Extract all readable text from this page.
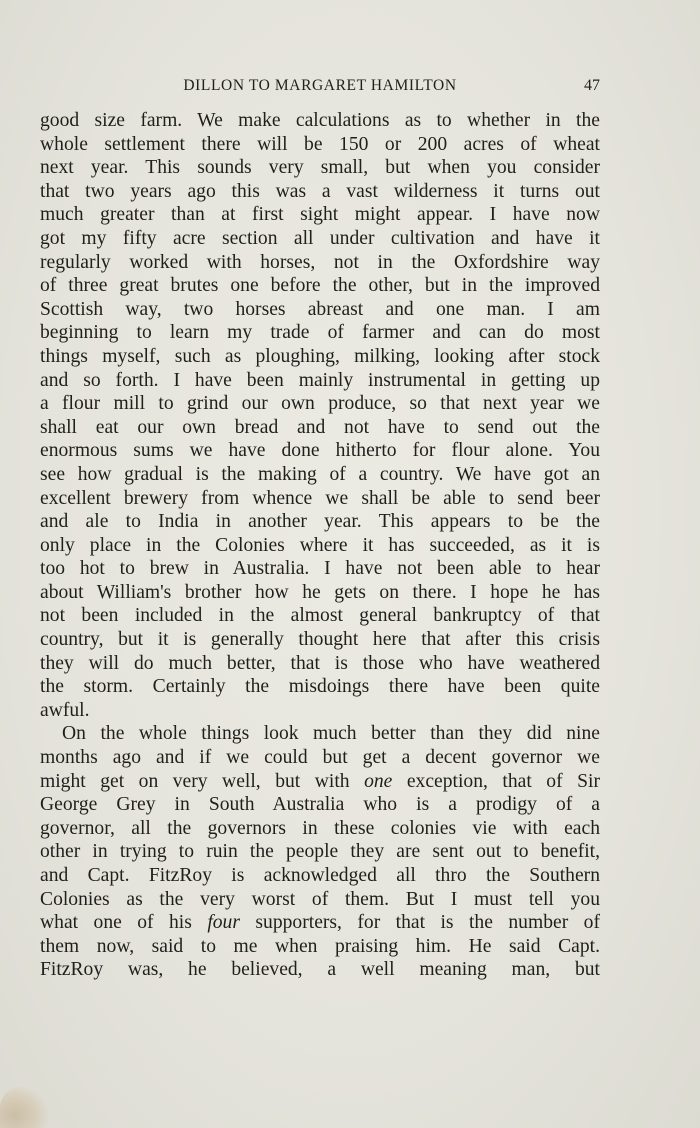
DILLON TO MARGARET HAMILTON	47

good size farm. We make calculations as to whether in the
whole settlement there will be 150 or 200 acres of wheat
next year. This sounds very small, but when you consider
that two years ago this was a vast wilderness it turns out
much greater than at first sight might appear. I have now
got my fifty acre section all under cultivation and have it
regularly worked with horses, not in the Oxfordshire way
of three great brutes one before the other, but in the improved
Scottish way, two horses abreast and one man. I am
beginning to learn my trade of farmer and can do most
things myself, such as ploughing, milking, looking after stock
and so forth. I have been mainly instrumental in getting up
a flour mill to grind our own produce, so that next year we
shall eat our own bread and not have to send out the
enormous sums we have done hitherto for flour alone. You
see how gradual is the making of a country. We have got an
excellent brewery from whence we shall be able to send beer
and ale to India in another year. This appears to be the
only place in the Colonies where it has succeeded, as it is
too hot to brew in Australia. I have not been able to hear
about William's brother how he gets on there. I hope he has
not been included in the almost general bankruptcy of that
country, but it is generally thought here that after this crisis
they will do much better, that is those who have weathered
the storm. Certainly the misdoings there have been quite
awful.

On the whole things look much better than they did nine
months ago and if we could but get a decent governor we
might get on very well, but with one exception, that of Sir
George Grey in South Australia who is a prodigy of a
governor, all the governors in these colonies vie with each
other in trying to ruin the people they are sent out to benefit,
and Capt. FitzRoy is acknowledged all thro the Southern
Colonies as the very worst of them. But I must tell you
what one of his four supporters, for that is the number of
them now, said to me when praising him. He said Capt.
FitzRoy was, he believed, a well meaning man, but
